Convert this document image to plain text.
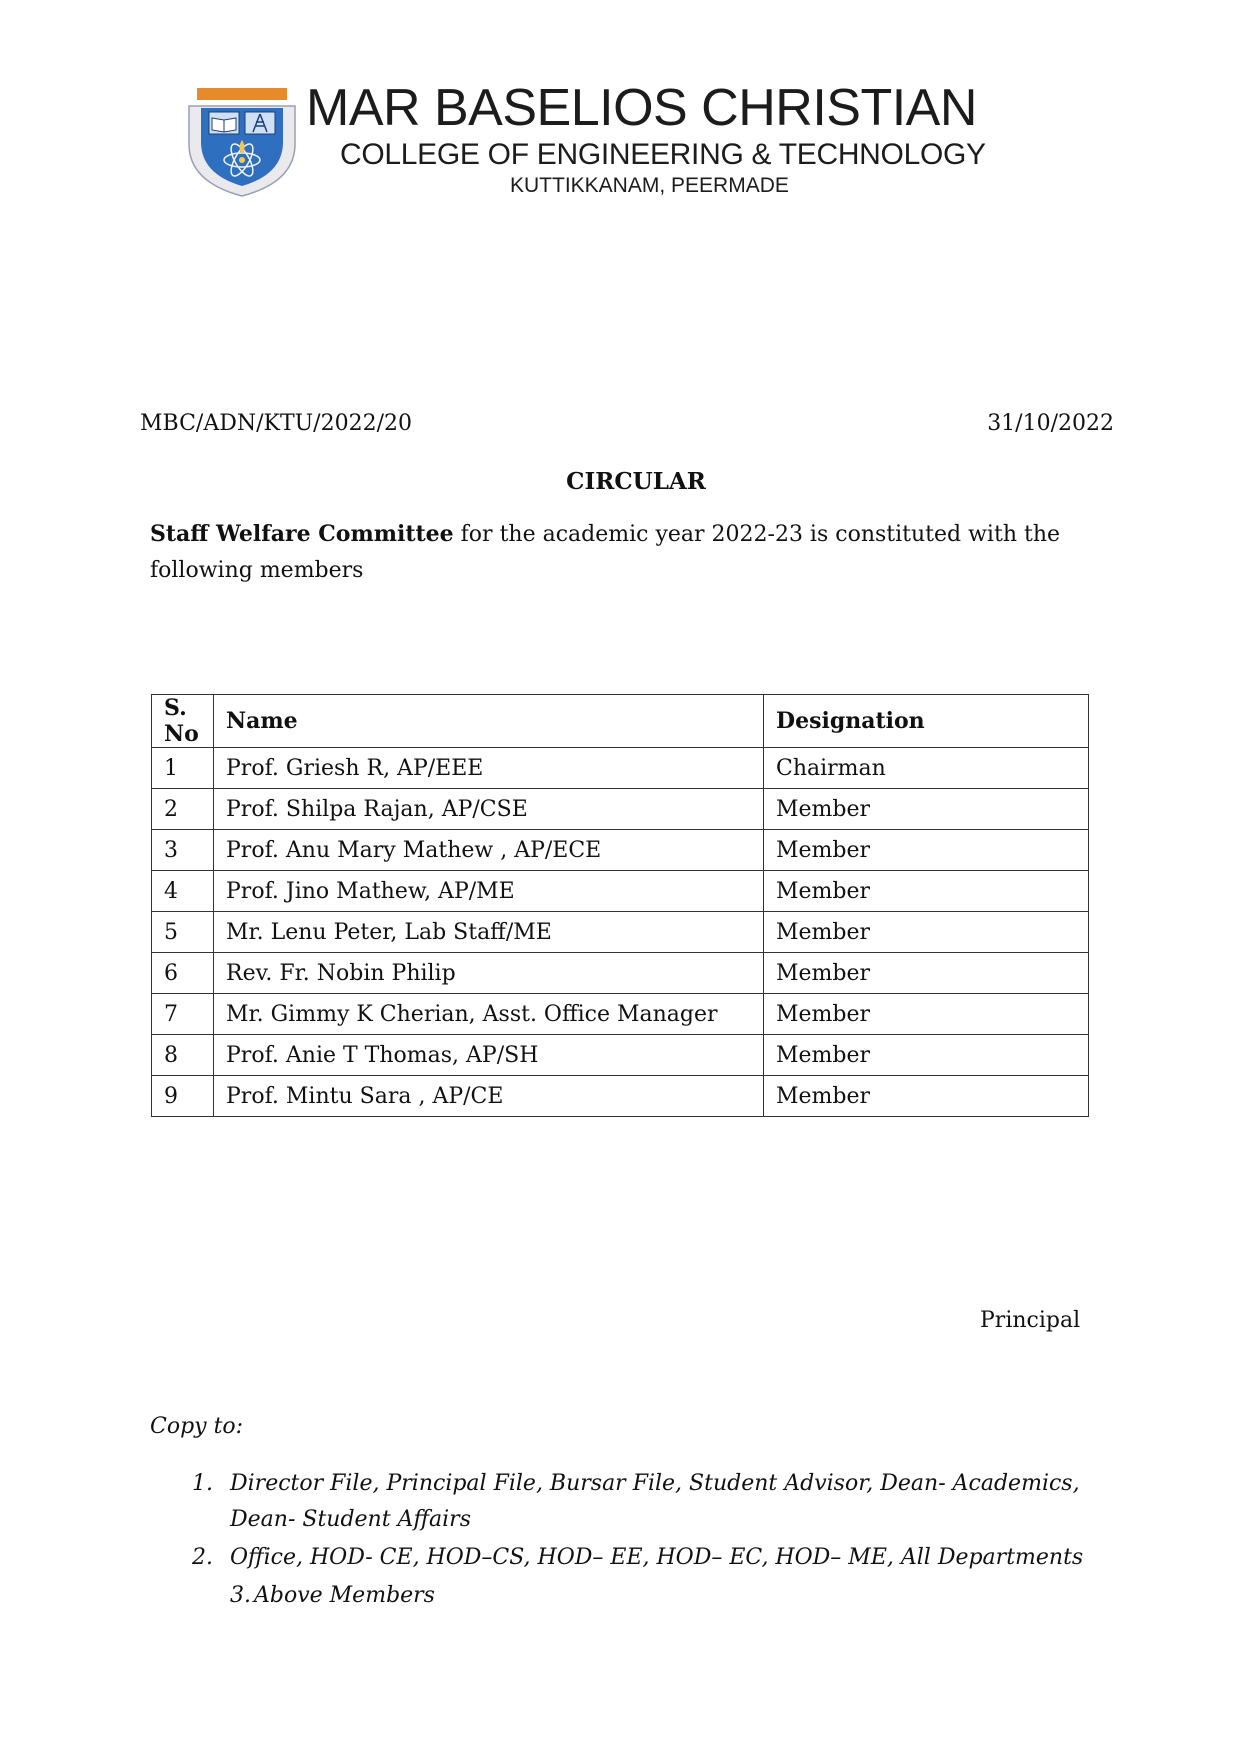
MAR BASELIOS CHRISTIAN
COLLEGE OF ENGINEERING & TECHNOLOGY
KUTTIKKANAM, PEERMADE
MBC/ADN/KTU/2022/20	31/10/2022
CIRCULAR
Staff Welfare Committee for the academic year 2022-23 is constituted with the following members
S. No	Name	Designation
1	Prof. Griesh R, AP/EEE	Chairman
2	Prof. Shilpa Rajan, AP/CSE	Member
3	Prof. Anu Mary Mathew , AP/ECE	Member
4	Prof. Jino Mathew, AP/ME	Member
5	Mr. Lenu Peter, Lab Staff/ME	Member
6	Rev. Fr. Nobin Philip	Member
7	Mr. Gimmy K Cherian, Asst. Office Manager	Member
8	Prof. Anie T Thomas, AP/SH	Member
9	Prof. Mintu Sara , AP/CE	Member
Principal
Copy to:
1. Director File, Principal File, Bursar File, Student Advisor, Dean- Academics, Dean- Student Affairs
2. Office, HOD- CE, HOD–CS, HOD– EE, HOD– EC, HOD– ME, All Departments
3. Above Members
